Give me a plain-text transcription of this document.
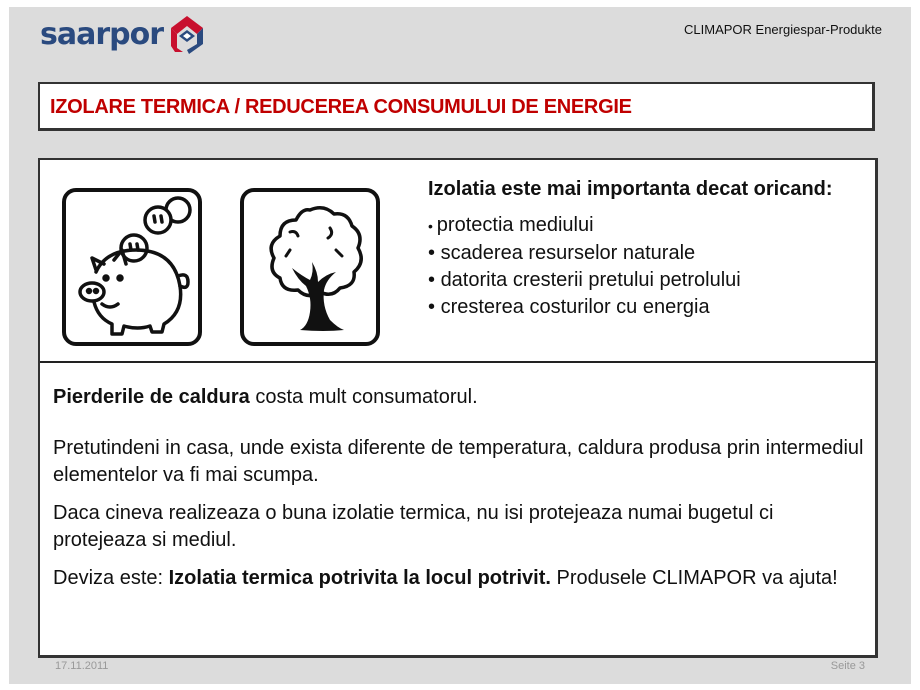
saarpor	CLIMAPOR Energiespar-Produkte
IZOLARE TERMICA / REDUCEREA CONSUMULUI DE ENERGIE
Izolatia este mai importanta decat oricand:
• protectia mediului
• scaderea resurselor naturale
• datorita cresterii pretului petrolului
• cresterea costurilor cu energia

Pierderile de caldura costa mult consumatorul.

Pretutindeni in casa, unde exista diferente de temperatura, caldura produsa prin intermediul elementelor va fi mai scumpa.

Daca cineva realizeaza o buna izolatie termica, nu isi protejeaza numai bugetul ci protejeaza si mediul.

Deviza este: Izolatia termica potrivita la locul potrivit. Produsele CLIMAPOR va ajuta!

17.11.2011	Seite 3
